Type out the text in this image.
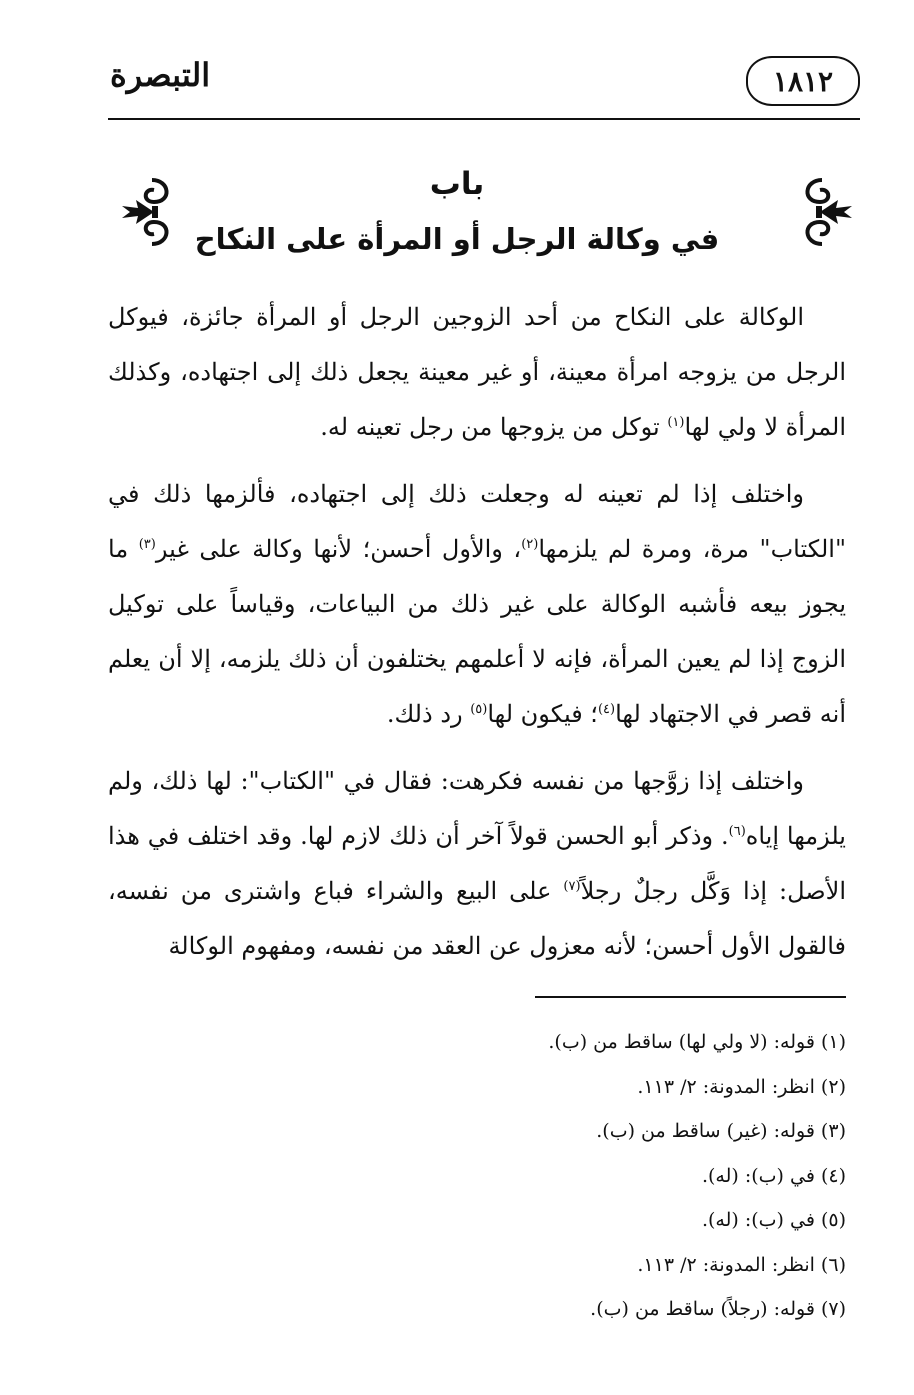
١٨١٢
التبصرة
باب
في وكالة الرجل أو المرأة على النكاح

الوكالة على النكاح من أحد الزوجين الرجل أو المرأة جائزة، فيوكل الرجل من يزوجه امرأة معينة، أو غير معينة يجعل ذلك إلى اجتهاده، وكذلك المرأة لا ولي لها$^{(١)}$ توكل من يزوجها من رجل تعينه له.

واختلف إذا لم تعينه له وجعلت ذلك إلى اجتهاده، فألزمها ذلك في "الكتاب" مرة، ومرة لم يلزمها$^{(٢)}$، والأول أحسن؛ لأنها وكالة على غير$^{(٣)}$ ما يجوز بيعه فأشبه الوكالة على غير ذلك من البياعات، وقياساً على توكيل الزوج إذا لم يعين المرأة، فإنه لا أعلمهم يختلفون أن ذلك يلزمه، إلا أن يعلم أنه قصر في الاجتهاد لها$^{(٤)}$؛ فيكون لها$^{(٥)}$ رد ذلك.

واختلف إذا زوَّجها من نفسه فكرهت: فقال في "الكتاب": لها ذلك، ولم يلزمها إياه$^{(٦)}$. وذكر أبو الحسن قولاً آخر أن ذلك لازم لها. وقد اختلف في هذا الأصل: إذا وَكَّل رجلٌ رجلاً$^{(٧)}$ على البيع والشراء فباع واشترى من نفسه، فالقول الأول أحسن؛ لأنه معزول عن العقد من نفسه، ومفهوم الوكالة

(١) قوله: (لا ولي لها) ساقط من (ب).
(٢) انظر: المدونة: ٢/ ١١٣.
(٣) قوله: (غير) ساقط من (ب).
(٤) في (ب): (له).
(٥) في (ب): (له).
(٦) انظر: المدونة: ٢/ ١١٣.
(٧) قوله: (رجلاً) ساقط من (ب).
